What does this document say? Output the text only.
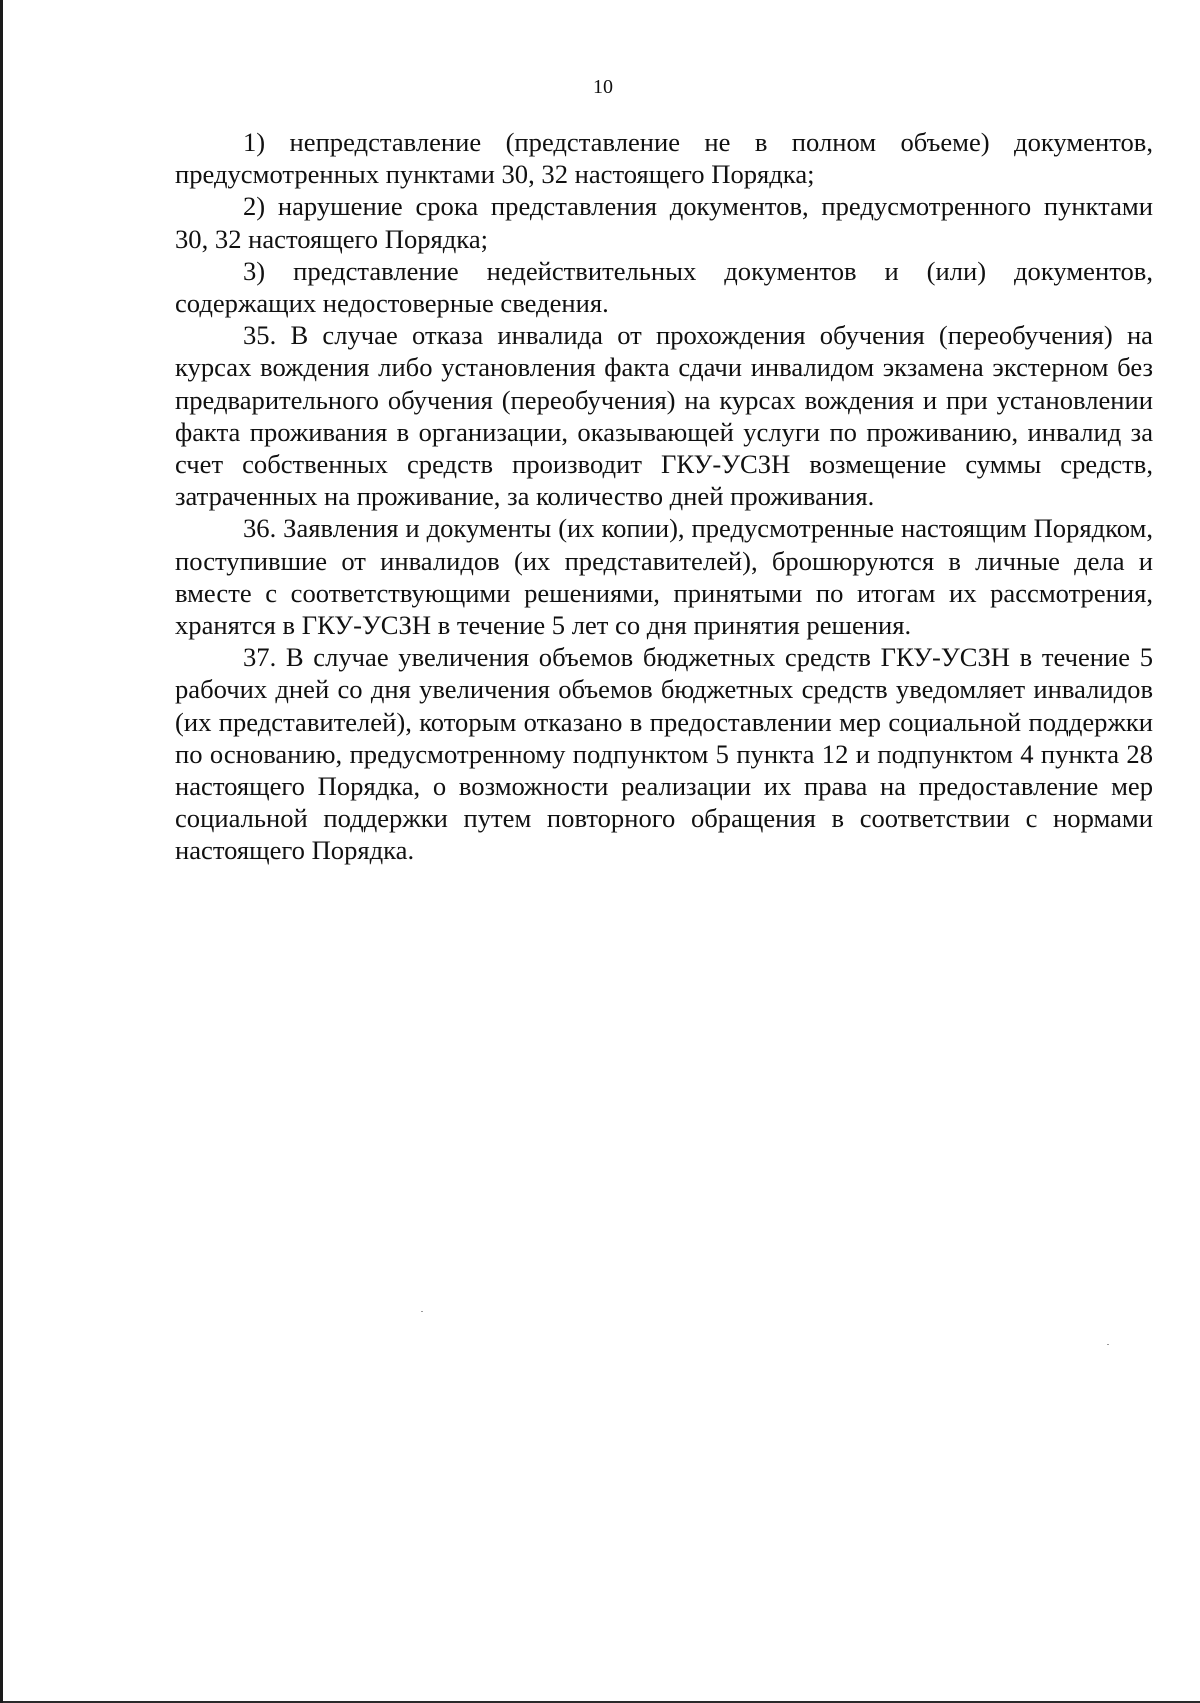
10

1) непредставление (представление не в полном объеме) документов, предусмотренных пунктами 30, 32 настоящего Порядка;

2) нарушение срока представления документов, предусмотренного пунктами 30, 32 настоящего Порядка;

3) представление недействительных документов и (или) документов, содержащих недостоверные сведения.

35. В случае отказа инвалида от прохождения обучения (переобучения) на курсах вождения либо установления факта сдачи инвалидом экзамена экстерном без предварительного обучения (переобучения) на курсах вождения и при установлении факта проживания в организации, оказывающей услуги по проживанию, инвалид за счет собственных средств производит ГКУ-УСЗН возмещение суммы средств, затраченных на проживание, за количество дней проживания.

36. Заявления и документы (их копии), предусмотренные настоящим Порядком, поступившие от инвалидов (их представителей), брошюруются в личные дела и вместе с соответствующими решениями, принятыми по итогам их рассмотрения, хранятся в ГКУ-УСЗН в течение 5 лет со дня принятия решения.

37. В случае увеличения объемов бюджетных средств ГКУ-УСЗН в течение 5 рабочих дней со дня увеличения объемов бюджетных средств уведомляет инвалидов (их представителей), которым отказано в предоставлении мер социальной поддержки по основанию, предусмотренному подпунктом 5 пункта 12 и подпунктом 4 пункта 28 настоящего Порядка, о возможности реализации их права на предоставление мер социальной поддержки путем повторного обращения в соответствии с нормами настоящего Порядка.
